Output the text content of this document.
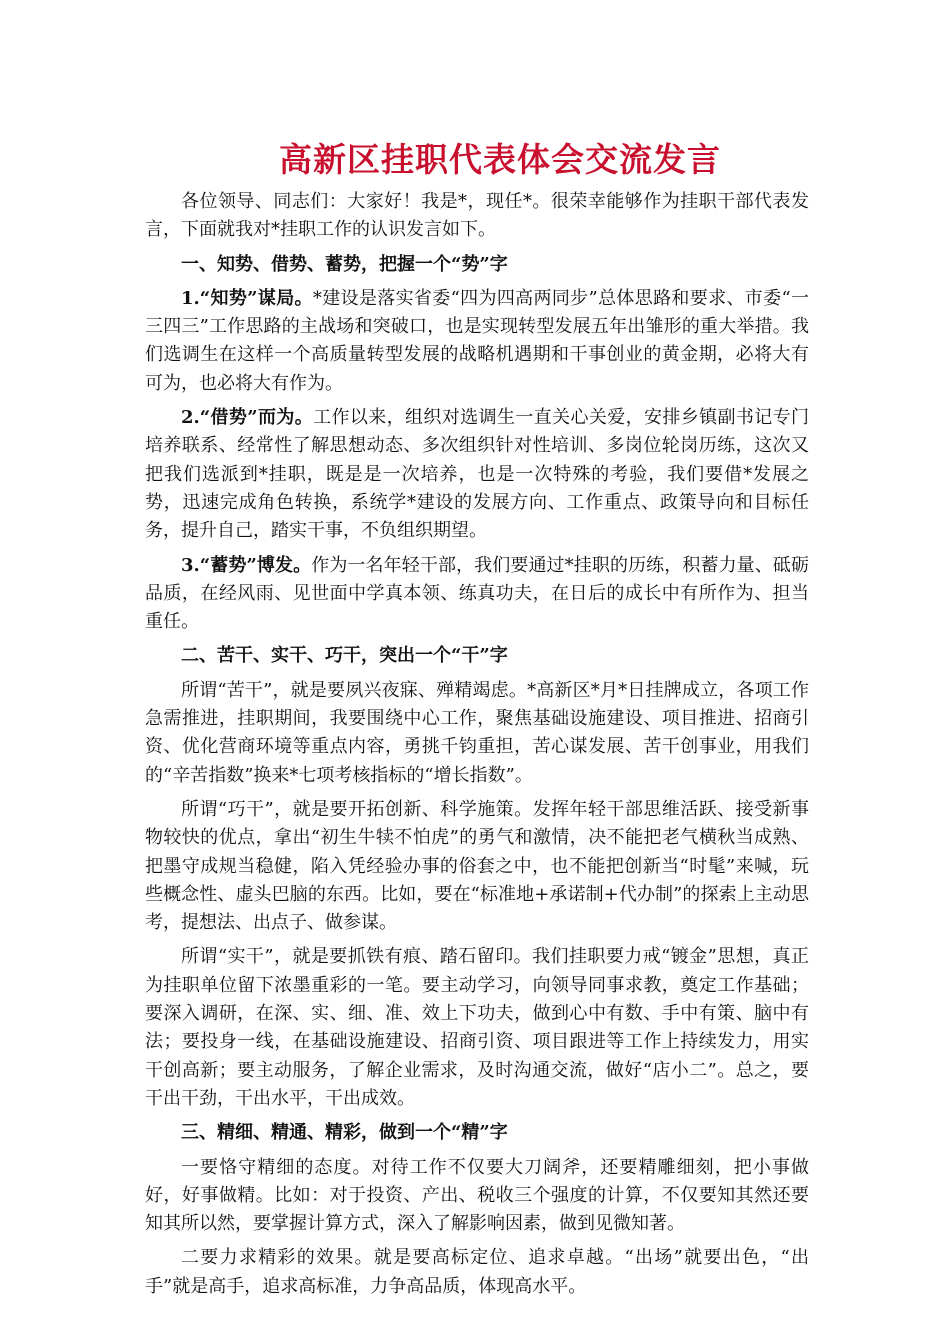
高新区挂职代表体会交流发言

各位领导、同志们：大家好！我是*，现任*。很荣幸能够作为挂职干部代表发言，下面就我对*挂职工作的认识发言如下。

一、知势、借势、蓄势，把握一个“势”字

1.“知势”谋局。*建设是落实省委“四为四高两同步”总体思路和要求、市委“一三四三”工作思路的主战场和突破口，也是实现转型发展五年出雏形的重大举措。我们选调生在这样一个高质量转型发展的战略机遇期和干事创业的黄金期，必将大有可为，也必将大有作为。

2.“借势”而为。工作以来，组织对选调生一直关心关爱，安排乡镇副书记专门培养联系、经常性了解思想动态、多次组织针对性培训、多岗位轮岗历练，这次又把我们选派到*挂职，既是是一次培养，也是一次特殊的考验，我们要借*发展之势，迅速完成角色转换，系统学*建设的发展方向、工作重点、政策导向和目标任务，提升自己，踏实干事，不负组织期望。

3.“蓄势”博发。作为一名年轻干部，我们要通过*挂职的历练，积蓄力量、砥砺品质，在经风雨、见世面中学真本领、练真功夫，在日后的成长中有所作为、担当重任。

二、苦干、实干、巧干，突出一个“干”字

所谓“苦干”，就是要夙兴夜寐、殚精竭虑。*高新区*月*日挂牌成立，各项工作急需推进，挂职期间，我要围绕中心工作，聚焦基础设施建设、项目推进、招商引资、优化营商环境等重点内容，勇挑千钧重担，苦心谋发展、苦干创事业，用我们的“辛苦指数”换来*七项考核指标的“增长指数”。

所谓“巧干”，就是要开拓创新、科学施策。发挥年轻干部思维活跃、接受新事物较快的优点，拿出“初生牛犊不怕虎”的勇气和激情，决不能把老气横秋当成熟、把墨守成规当稳健，陷入凭经验办事的俗套之中，也不能把创新当“时髦”来喊，玩些概念性、虚头巴脑的东西。比如，要在“标准地+承诺制+代办制”的探索上主动思考，提想法、出点子、做参谋。

所谓“实干”，就是要抓铁有痕、踏石留印。我们挂职要力戒“镀金”思想，真正为挂职单位留下浓墨重彩的一笔。要主动学习，向领导同事求教，奠定工作基础；要深入调研，在深、实、细、准、效上下功夫，做到心中有数、手中有策、脑中有法；要投身一线，在基础设施建设、招商引资、项目跟进等工作上持续发力，用实干创高新；要主动服务，了解企业需求，及时沟通交流，做好“店小二”。总之，要干出干劲，干出水平，干出成效。

三、精细、精通、精彩，做到一个“精”字

一要恪守精细的态度。对待工作不仅要大刀阔斧，还要精雕细刻，把小事做好，好事做精。比如：对于投资、产出、税收三个强度的计算，不仅要知其然还要知其所以然，要掌握计算方式，深入了解影响因素，做到见微知著。

二要力求精彩的效果。就是要高标定位、追求卓越。“出场”就要出色，“出手”就是高手，追求高标准，力争高品质，体现高水平。
